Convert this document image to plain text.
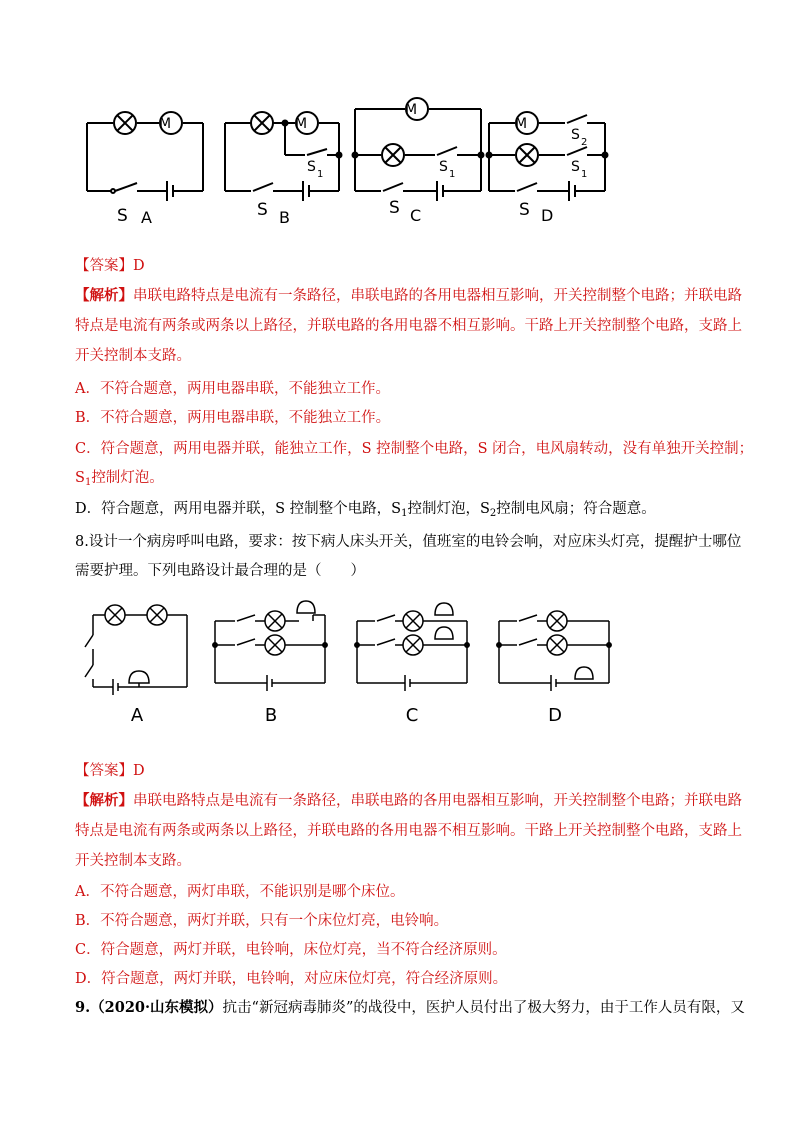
M	M
M
M
S A	S B
S 1
S C
S 1
S D
S 2
S 1
【答案】D
【解析】串联电路特点是电流有一条路径，串联电路的各用电器相互影响，开关控制整个电路；并联电路
特点是电流有两条或两条以上路径，并联电路的各用电器不相互影响。干路上开关控制整个电路，支路上
开关控制本支路。
A．不符合题意，两用电器串联，不能独立工作。
B．不符合题意，两用电器串联，不能独立工作。
C．符合题意，两用电器并联，能独立工作，S 控制整个电路，S 闭合，电风扇转动，没有单独开关控制；
$S_1$控制灯泡。
D．符合题意，两用电器并联，S 控制整个电路，$S_1$控制灯泡，$S_2$控制电风扇；符合题意。
8.设计一个病房呼叫电路，要求：按下病人床头开关，值班室的电铃会响，对应床头灯亮，提醒护士哪位
需要护理。下列电路设计最合理的是（　　）
A	B	C	D
【答案】D
【解析】串联电路特点是电流有一条路径，串联电路的各用电器相互影响，开关控制整个电路；并联电路
特点是电流有两条或两条以上路径，并联电路的各用电器不相互影响。干路上开关控制整个电路，支路上
开关控制本支路。
A．不符合题意，两灯串联，不能识别是哪个床位。
B．不符合题意，两灯并联，只有一个床位灯亮，电铃响。
C．符合题意，两灯并联，电铃响，床位灯亮，当不符合经济原则。
D．符合题意，两灯并联，电铃响，对应床位灯亮，符合经济原则。
9.（2020·山东模拟）抗击“新冠病毒肺炎”的战役中，医护人员付出了极大努力，由于工作人员有限，又
